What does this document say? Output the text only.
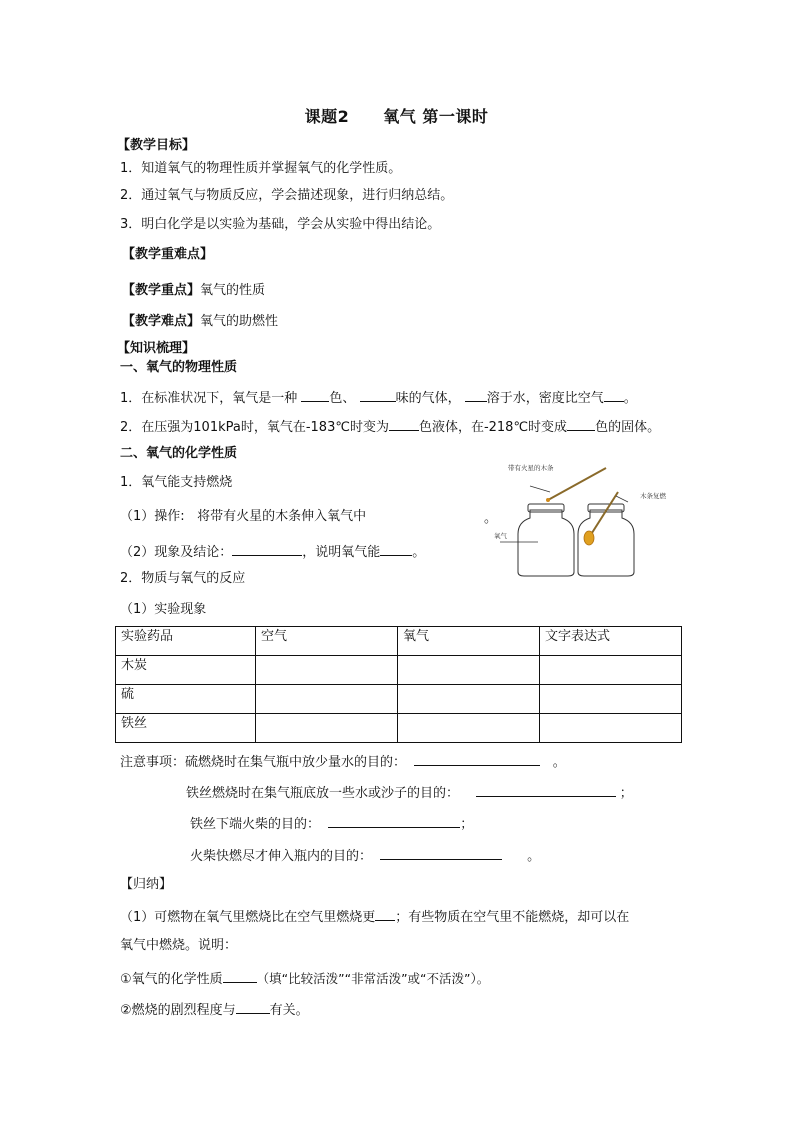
课题2 氧气 第一课时
【教学目标】
1．知道氧气的物理性质并掌握氧气的化学性质。
2．通过氧气与物质反应，学会描述现象，进行归纳总结。
3．明白化学是以实验为基础，学会从实验中得出结论。
【教学重难点】
【教学重点】氧气的性质
【教学难点】氧气的助燃性
【知识梳理】
一、氧气的物理性质
1．在标准状况下，氧气是一种 色、	味的气体， 溶于水，密度比空气 。
2．在压强为101kPa时，氧气在-183℃时变为 色液体，在-218℃时变成 色的固体。
二、氧气的化学性质
1．氧气能支持燃烧
（1）操作: 将带有火星的木条伸入氧气中	。
（2）现象及结论：	，说明氧气能 。
2．物质与氧气的反应
（1）实验现象
带有火星的木条
氧气
木条复燃
实验药品	空气	氧气	文字表达式
木炭			
硫			
铁丝			
注意事项：硫燃烧时在集气瓶中放少量水的目的：	。
铁丝燃烧时在集气瓶底放一些水或沙子的目的：	；
铁丝下端火柴的目的：	；
火柴快燃尽才伸入瓶内的目的：	。
【归纳】
（1）可燃物在氧气里燃烧比在空气里燃烧更 ；有些物质在空气里不能燃烧，却可以在
氧气中燃烧。说明：
①氧气的化学性质	（填“比较活泼”“非常活泼”或“不活泼”）。
②燃烧的剧烈程度与	有关。
